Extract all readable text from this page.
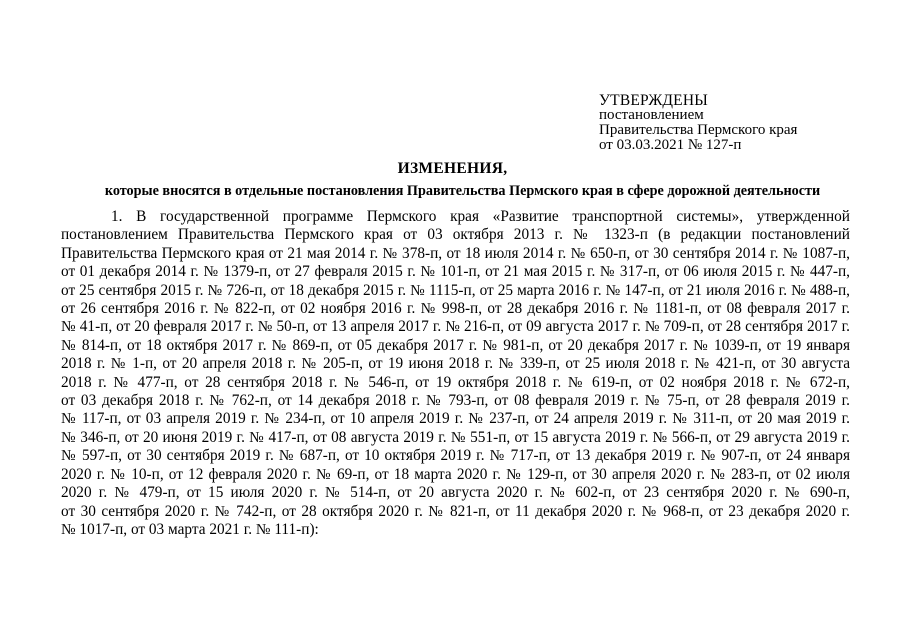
УТВЕРЖДЕНЫ
постановлением
Правительства Пермского края
от 03.03.2021 № 127-п
ИЗМЕНЕНИЯ,
которые вносятся в отдельные постановления Правительства Пермского края в сфере дорожной деятельности
1. В государственной программе Пермского края «Развитие транспортной системы», утвержденной
постановлением Правительства Пермского края от 03 октября 2013 г. № 1323-п (в редакции постановлений
Правительства Пермского края от 21 мая 2014 г. № 378-п, от 18 июля 2014 г. № 650-п, от 30 сентября 2014 г. № 1087-п,
от 01 декабря 2014 г. № 1379-п, от 27 февраля 2015 г. № 101-п, от 21 мая 2015 г. № 317-п, от 06 июля 2015 г. № 447-п,
от 25 сентября 2015 г. № 726-п, от 18 декабря 2015 г. № 1115-п, от 25 марта 2016 г. № 147-п, от 21 июля 2016 г. № 488-п,
от 26 сентября 2016 г. № 822-п, от 02 ноября 2016 г. № 998-п, от 28 декабря 2016 г. № 1181-п, от 08 февраля 2017 г.
№ 41-п, от 20 февраля 2017 г. № 50-п, от 13 апреля 2017 г. № 216-п, от 09 августа 2017 г. № 709-п, от 28 сентября 2017 г.
№ 814-п, от 18 октября 2017 г. № 869-п, от 05 декабря 2017 г. № 981-п, от 20 декабря 2017 г. № 1039-п, от 19 января
2018 г. № 1-п, от 20 апреля 2018 г. № 205-п, от 19 июня 2018 г. № 339-п, от 25 июля 2018 г. № 421-п, от 30 августа
2018 г. № 477-п, от 28 сентября 2018 г. № 546-п, от 19 октября 2018 г. № 619-п, от 02 ноября 2018 г. № 672-п,
от 03 декабря 2018 г. № 762-п, от 14 декабря 2018 г. № 793-п, от 08 февраля 2019 г. № 75-п, от 28 февраля 2019 г.
№ 117-п, от 03 апреля 2019 г. № 234-п, от 10 апреля 2019 г. № 237-п, от 24 апреля 2019 г. № 311-п, от 20 мая 2019 г.
№ 346-п, от 20 июня 2019 г. № 417-п, от 08 августа 2019 г. № 551-п, от 15 августа 2019 г. № 566-п, от 29 августа 2019 г.
№ 597-п, от 30 сентября 2019 г. № 687-п, от 10 октября 2019 г. № 717-п, от 13 декабря 2019 г. № 907-п, от 24 января
2020 г. № 10-п, от 12 февраля 2020 г. № 69-п, от 18 марта 2020 г. № 129-п, от 30 апреля 2020 г. № 283-п, от 02 июля
2020 г. № 479-п, от 15 июля 2020 г. № 514-п, от 20 августа 2020 г. № 602-п, от 23 сентября 2020 г. № 690-п,
от 30 сентября 2020 г. № 742-п, от 28 октября 2020 г. № 821-п, от 11 декабря 2020 г. № 968-п, от 23 декабря 2020 г.
№ 1017-п, от 03 марта 2021 г. № 111-п):
